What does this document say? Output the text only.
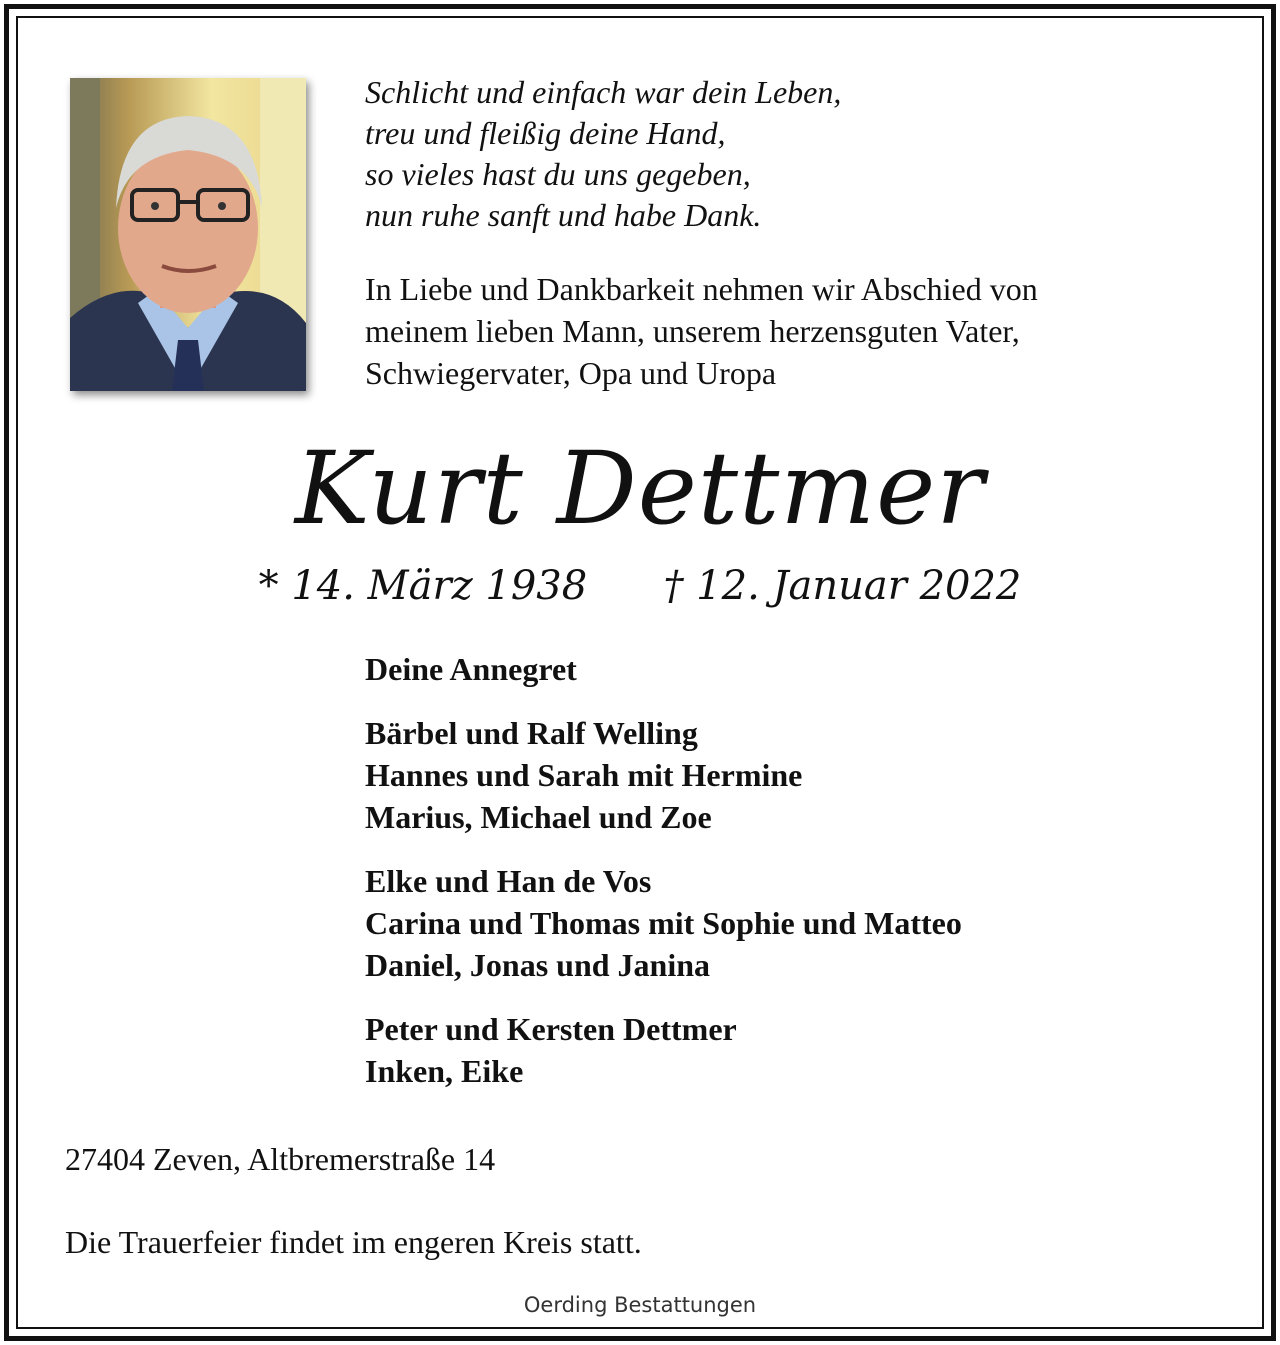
Schlicht und einfach war dein Leben,
treu und fleißig deine Hand,
so vieles hast du uns gegeben,
nun ruhe sanft und habe Dank.
In Liebe und Dankbarkeit nehmen wir Abschied von
meinem lieben Mann, unserem herzensguten Vater,
Schwiegervater, Opa und Uropa
Kurt Dettmer
* 14. März 1938      † 12. Januar 2022
Deine Annegret
Bärbel und Ralf Welling
Hannes und Sarah mit Hermine
Marius, Michael und Zoe
Elke und Han de Vos
Carina und Thomas mit Sophie und Matteo
Daniel, Jonas und Janina
Peter und Kersten Dettmer
Inken, Eike
27404 Zeven, Altbremerstraße 14
Die Trauerfeier findet im engeren Kreis statt.
Oerding Bestattungen
